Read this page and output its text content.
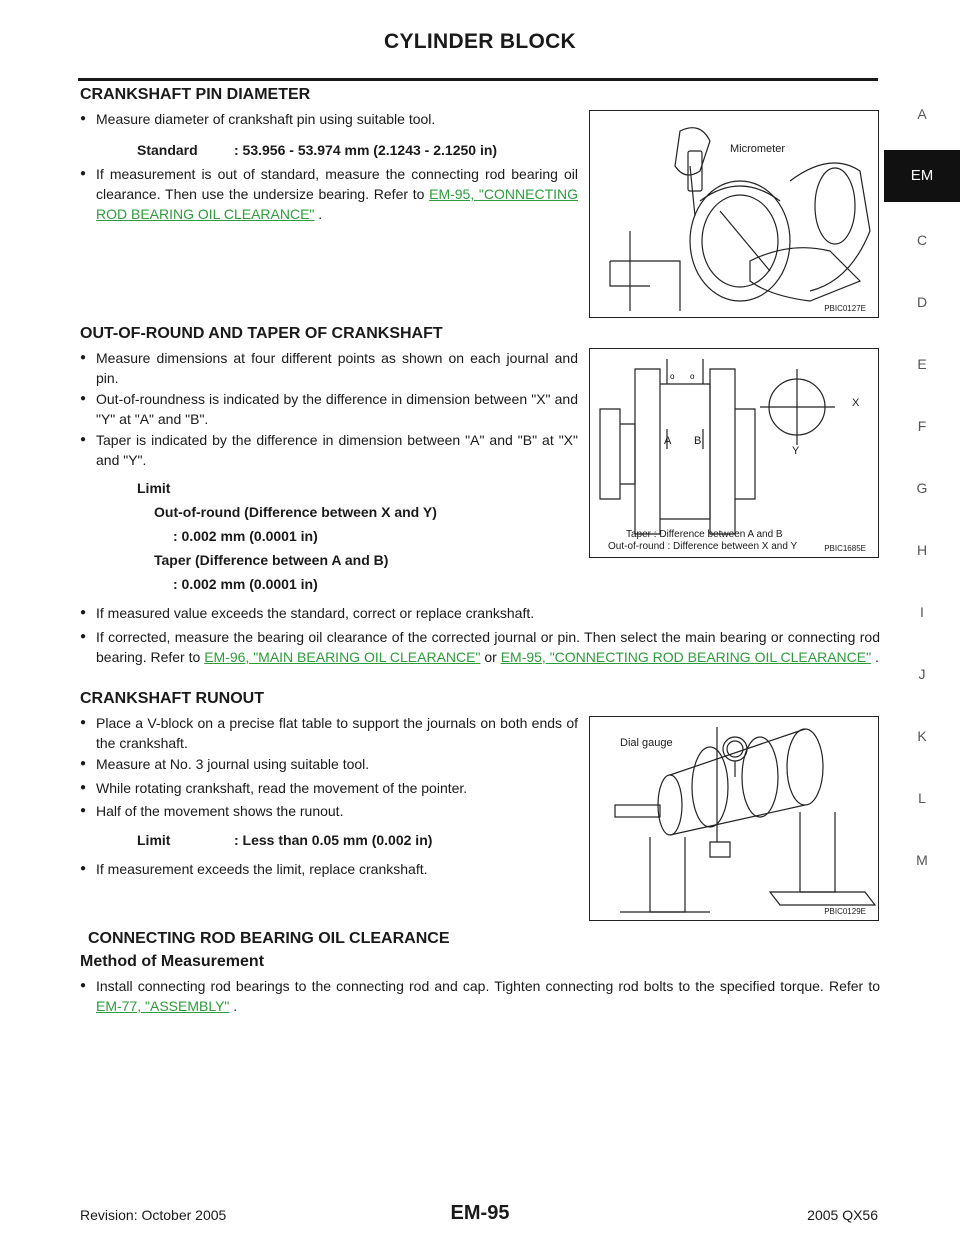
CYLINDER BLOCK
A
EM
C
D
E
F
G
H
I
J
K
L
M
CRANKSHAFT PIN DIAMETER
● Measure diameter of crankshaft pin using suitable tool.
Standard	: 53.956 - 53.974 mm (2.1243 - 2.1250 in)
● If measurement is out of standard, measure the connecting rod bearing oil clearance. Then use the undersize bearing. Refer to EM-95, "CONNECTING ROD BEARING OIL CLEARANCE" .
Micrometer
PBIC0127E
OUT-OF-ROUND AND TAPER OF CRANKSHAFT
● Measure dimensions at four different points as shown on each journal and pin.
● Out-of-roundness is indicated by the difference in dimension between "X" and "Y" at "A" and "B".
● Taper is indicated by the difference in dimension between "A" and "B" at "X" and "Y".
Limit
Out-of-round (Difference between X and Y)
: 0.002 mm (0.0001 in)
Taper (Difference between A and B)
: 0.002 mm (0.0001 in)
o o
A B
X
Y
Taper : Difference between A and B
Out-of-round : Difference between X and Y	PBIC1685E
● If measured value exceeds the standard, correct or replace crankshaft.
● If corrected, measure the bearing oil clearance of the corrected journal or pin. Then select the main bearing or connecting rod bearing. Refer to EM-96, "MAIN BEARING OIL CLEARANCE" or EM-95, "CONNECTING ROD BEARING OIL CLEARANCE" .
CRANKSHAFT RUNOUT
● Place a V-block on a precise flat table to support the journals on both ends of the crankshaft.
● Measure at No. 3 journal using suitable tool.
● While rotating crankshaft, read the movement of the pointer.
● Half of the movement shows the runout.
Limit	: Less than 0.05 mm (0.002 in)
● If measurement exceeds the limit, replace crankshaft.
Dial gauge
PBIC0129E
CONNECTING ROD BEARING OIL CLEARANCE
Method of Measurement
● Install connecting rod bearings to the connecting rod and cap. Tighten connecting rod bolts to the specified torque. Refer to EM-77, "ASSEMBLY" .
Revision: October 2005	EM-95	2005 QX56
